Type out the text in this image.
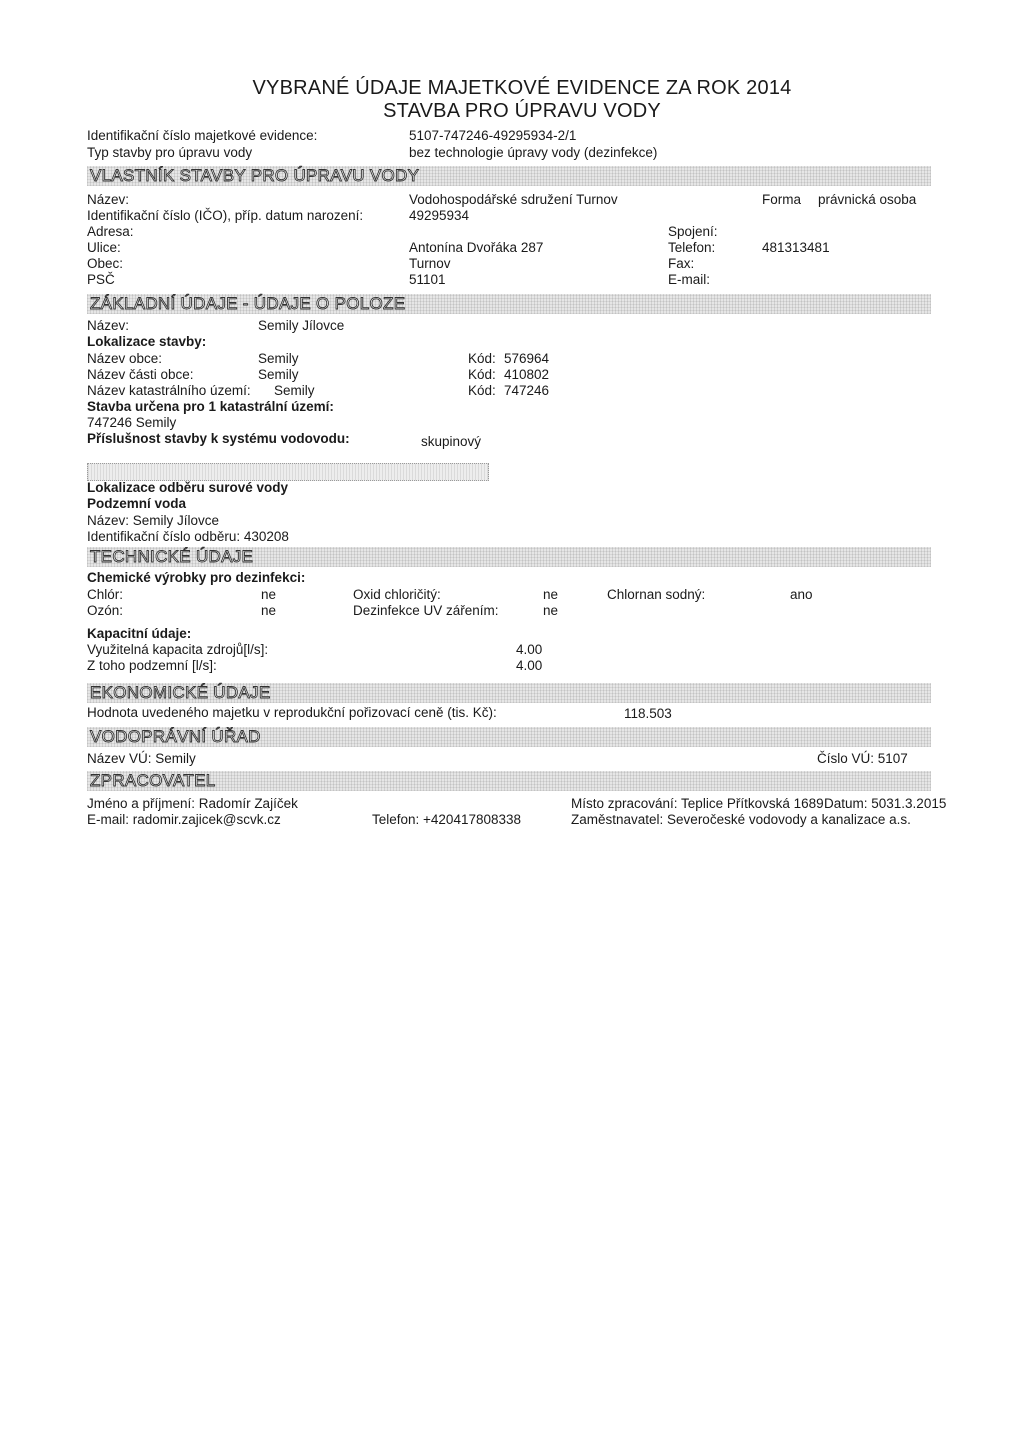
VYBRANÉ ÚDAJE MAJETKOVÉ EVIDENCE ZA ROK 2014
STAVBA PRO ÚPRAVU VODY
Identifikační číslo majetkové evidence:	5107-747246-49295934-2/1
Typ stavby pro úpravu vody	bez technologie úpravy vody (dezinfekce)
VLASTNÍK STAVBY PRO ÚPRAVU VODY
Název:	Vodohospodářské sdružení Turnov	Forma právnická osoba
Identifikační číslo (IČO), příp. datum narození:	49295934
Adresa:	Spojení:
Ulice:	Antonína Dvořáka 287	Telefon:	481313481
Obec:	Turnov	Fax:
PSČ	51101	E-mail:
ZÁKLADNÍ ÚDAJE - ÚDAJE O POLOZE
Název:	Semily Jílovce
Lokalizace stavby:
Název obce:	Semily	Kód: 576964
Název části obce:	Semily	Kód: 410802
Název katastrálního území: Semily	Kód: 747246
Stavba určena pro 1 katastrální území:
747246 Semily
Příslušnost stavby k systému vodovodu:	skupinový
Lokalizace odběru surové vody
Podzemní voda
Název: Semily Jílovce
Identifikační číslo odběru: 430208
TECHNICKÉ ÚDAJE
Chemické výrobky pro dezinfekci:
Chlór:	ne	Oxid chloričitý:	ne	Chlornan sodný:	ano
Ozón:	ne	Dezinfekce UV zářením:	ne
Kapacitní údaje:
Využitelná kapacita zdrojů[l/s]:	4.00
Z toho podzemní [l/s]:	4.00
EKONOMICKÉ ÚDAJE
Hodnota uvedeného majetku v reprodukční pořizovací ceně (tis. Kč):	118.503
VODOPRÁVNÍ ÚŘAD
Název VÚ: Semily	Číslo VÚ: 5107
ZPRACOVATEL
Jméno a příjmení: Radomír Zajíček	Místo zpracování: Teplice Přítkovská 1689 Datum: 5031.3.2015
E-mail: radomir.zajicek@scvk.cz	Telefon: +420417808338	Zaměstnavatel: Severočeské vodovody a kanalizace a.s.
